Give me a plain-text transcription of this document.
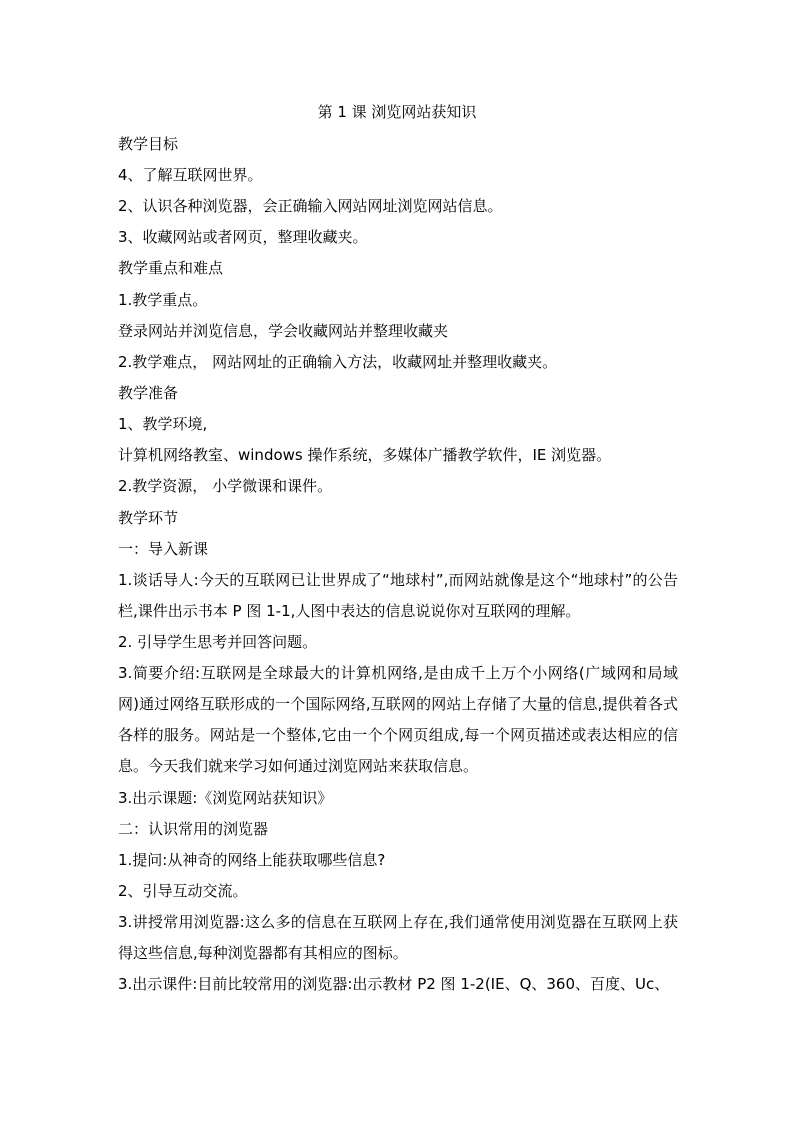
第 1 课 浏览网站获知识
教学目标
4、了解互联网世界。
2、认识各种浏览器，会正确输入网站网址浏览网站信息。
3、收藏网站或者网页，整理收藏夹。
教学重点和难点
1.教学重点。
登录网站并浏览信息，学会收藏网站并整理收藏夹
2.教学难点， 网站网址的正确输入方法，收藏网址并整理收藏夹。
教学准备
1、教学环境,
计算机网络教室、windows 操作系统，多媒体广播教学软件，IE 浏览器。
2.教学资源， 小学微课和课件。
教学环节
一：导入新课
1.谈话导人:今天的互联网已让世界成了“地球村”,而网站就像是这个“地球村”的公告栏,课件出示书本 P 图 1-1,人图中表达的信息说说你对互联网的理解。
2. 引导学生思考并回答问题。
3.简要介绍:互联网是全球最大的计算机网络,是由成千上万个小网络(广域网和局域网)通过网络互联形成的一个国际网络,互联网的网站上存储了大量的信息,提供着各式各样的服务。网站是一个整体,它由一个个网页组成,每一个网页描述或表达相应的信息。今天我们就来学习如何通过浏览网站来获取信息。
3.出示课题:《浏览网站获知识》
二：认识常用的浏览器
1.提问:从神奇的网络上能获取哪些信息?
2、引导互动交流。
3.讲授常用浏览器:这么多的信息在互联网上存在,我们通常使用浏览器在互联网上获得这些信息,每种浏览器都有其相应的图标。
3.出示课件:目前比较常用的浏览器:出示教材 P2 图 1-2(IE、Q、360、百度、Uc、
